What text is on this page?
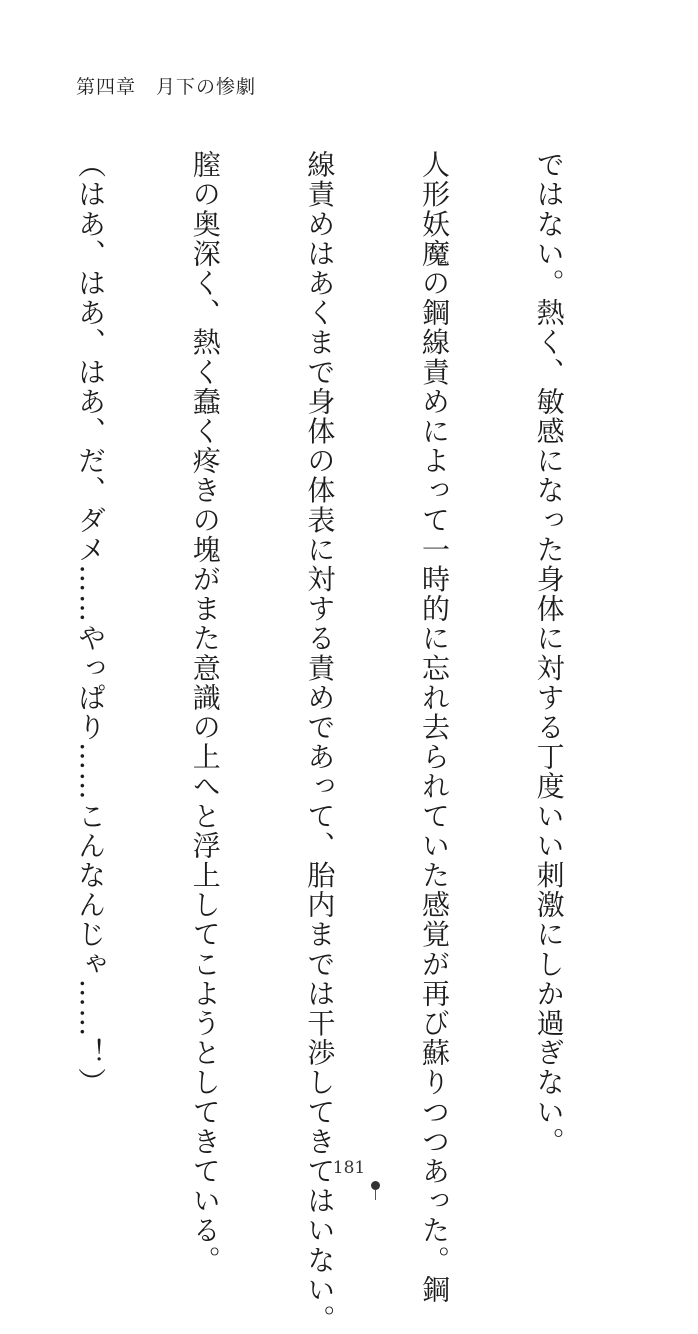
第四章　月下の惨劇

ではない。熱く、敏感になった身体に対する丁度いい刺激にしか過ぎない。

人形妖魔の鋼線責めによって一時的に忘れ去られていた感覚が再び蘇りつつあった。鋼

線責めはあくまで身体の体表に対する責めであって、胎内までは干渉してきてはいない。

膣の奥深く、熱く蠢く疼きの塊がまた意識の上へと浮上してこようとしてきている。

（はあ、はあ、はあ、だ、ダメ……やっぱり……こんなんじゃ……！）

181
